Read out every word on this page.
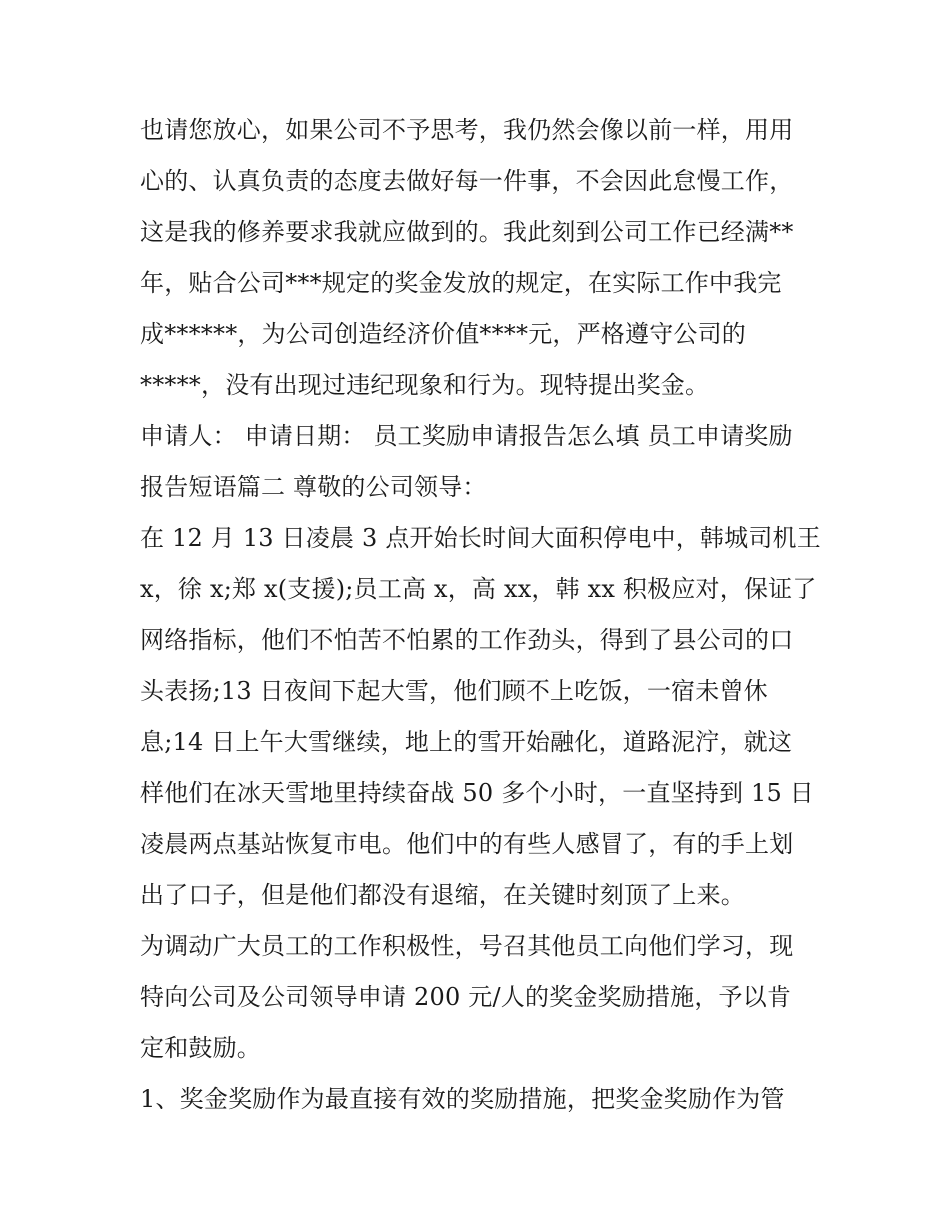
也请您放心，如果公司不予思考，我仍然会像以前一样，用用
心的、认真负责的态度去做好每一件事，不会因此怠慢工作，
这是我的修养要求我就应做到的。我此刻到公司工作已经满**
年，贴合公司***规定的奖金发放的规定，在实际工作中我完
成******，为公司创造经济价值****元，严格遵守公司的
*****，没有出现过违纪现象和行为。现特提出奖金。
申请人： 申请日期： 员工奖励申请报告怎么填 员工申请奖励
报告短语篇二 尊敬的公司领导：
在 12 月 13 日凌晨 3 点开始长时间大面积停电中，韩城司机王
x，徐 x;郑 x(支援);员工高 x，高 xx，韩 xx 积极应对，保证了
网络指标，他们不怕苦不怕累的工作劲头，得到了县公司的口
头表扬;13 日夜间下起大雪，他们顾不上吃饭，一宿未曾休
息;14 日上午大雪继续，地上的雪开始融化，道路泥泞，就这
样他们在冰天雪地里持续奋战 50 多个小时，一直坚持到 15 日
凌晨两点基站恢复市电。他们中的有些人感冒了，有的手上划
出了口子，但是他们都没有退缩，在关键时刻顶了上来。
为调动广大员工的工作积极性，号召其他员工向他们学习，现
特向公司及公司领导申请 200 元/人的奖金奖励措施，予以肯
定和鼓励。
1、奖金奖励作为最直接有效的奖励措施，把奖金奖励作为管
